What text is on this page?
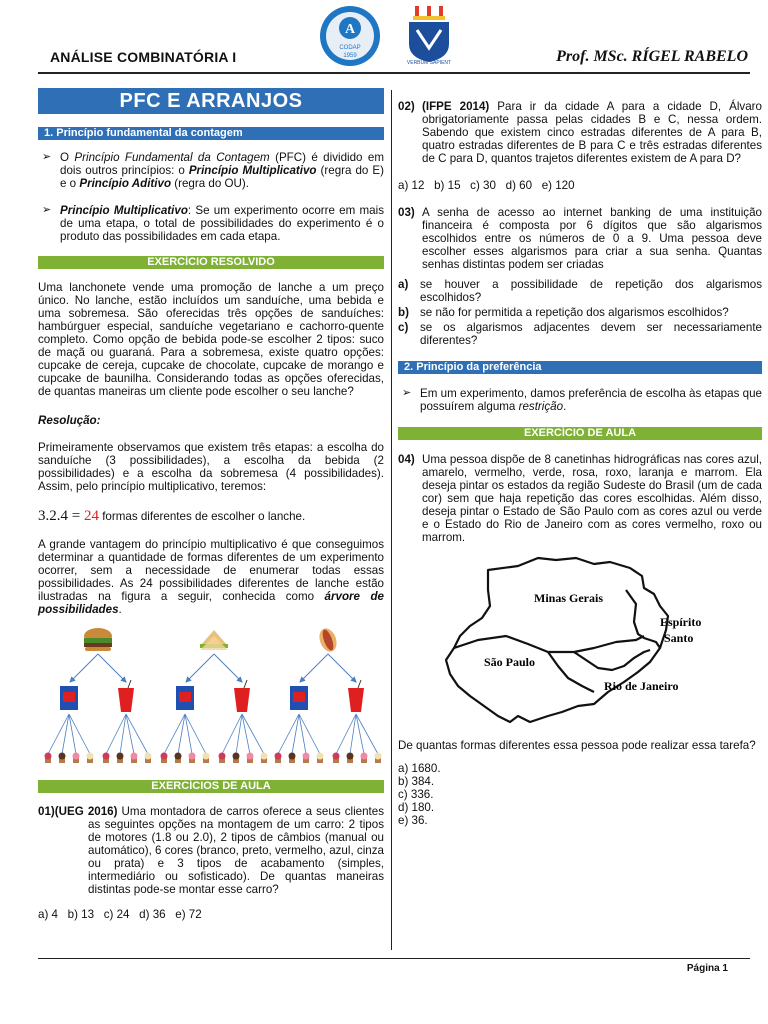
A
CODAP
1959
VERBUM SAPIENT
ANÁLISE COMBINATÓRIA I	Prof. MSc. RÍGEL RABELO
PFC E ARRANJOS
1. Princípio fundamental da contagem

➢ O Princípio Fundamental da Contagem (PFC) é dividido em dois outros princípios: o Princípio Multiplicativo (regra do E) e o Princípio Aditivo (regra do OU).

➢ Princípio Multiplicativo: Se um experimento ocorre em mais de uma etapa, o total de possibilidades do experimento é o produto das possibilidades em cada etapa.

EXERCÍCIO RESOLVIDO

Uma lanchonete vende uma promoção de lanche a um preço único. No lanche, estão incluídos um sanduíche, uma bebida e uma sobremesa. São oferecidas três opções de sanduíches: hambúrguer especial, sanduíche vegetariano e cachorro-quente completo. Como opção de bebida pode-se escolher 2 tipos: suco de maçã ou guaraná. Para a sobremesa, existe quatro opções: cupcake de cereja, cupcake de chocolate, cupcake de morango e cupcake de baunilha. Considerando todas as opções oferecidas, de quantas maneiras um cliente pode escolher o seu lanche?

Resolução:

Primeiramente observamos que existem três etapas: a escolha do sanduíche (3 possibilidades), a escolha da bebida (2 possibilidades) e a escolha da sobremesa (4 possibilidades). Assim, pelo princípio multiplicativo, teremos:

3.2.4 = 24 formas diferentes de escolher o lanche.

A grande vantagem do princípio multiplicativo é que conseguimos determinar a quantidade de formas diferentes de um experimento ocorrer, sem a necessidade de enumerar todas essas possibilidades. As 24 possibilidades diferentes de lanche estão ilustradas na figura a seguir, conhecida como árvore de possibilidades.

EXERCÍCIOS DE AULA

01)(UEG 2016) Uma montadora de carros oferece a seus clientes as seguintes opções na montagem de um carro: 2 tipos de motores (1.8 ou 2.0), 2 tipos de câmbios (manual ou automático), 6 cores (branco, preto, vermelho, azul, cinza ou prata) e 3 tipos de acabamento (simples, intermediário ou sofisticado). De quantas maneiras distintas pode-se montar esse carro?

a) 4   b) 13   c) 24   d) 36   e) 72

02) (IFPE 2014) Para ir da cidade A para a cidade D, Álvaro obrigatoriamente passa pelas cidades B e C, nessa ordem. Sabendo que existem cinco estradas diferentes de A para B, quatro estradas diferentes de B para C e três estradas diferentes de C para D, quantos trajetos diferentes existem de A para D?

a) 12   b) 15   c) 30   d) 60   e) 120

03) A senha de acesso ao internet banking de uma instituição financeira é composta por 6 dígitos que são algarismos escolhidos entre os números de 0 a 9. Uma pessoa deve escolher esses algarismos para criar a sua senha. Quantas senhas distintas podem ser criadas

a) se houver a possibilidade de repetição dos algarismos escolhidos?

b) se não for permitida a repetição dos algarismos escolhidos?

c) se os algarismos adjacentes devem ser necessariamente diferentes?

2. Princípio da preferência

➢ Em um experimento, damos preferência de escolha às etapas que possuírem alguma restrição.

EXERCÍCIO DE AULA

04) Uma pessoa dispõe de 8 canetinhas hidrográficas nas cores azul, amarelo, vermelho, verde, rosa, roxo, laranja e marrom. Ela deseja pintar os estados da região Sudeste do Brasil (um de cada cor) sem que haja repetição das cores escolhidas. Além disso, deseja pintar o Estado de São Paulo com as cores azul ou verde e o Estado do Rio de Janeiro com as cores vermelho, roxo ou marrom.

Minas Gerais
Espírito
Santo
São Paulo
Rio de Janeiro

De quantas formas diferentes essa pessoa pode realizar essa tarefa?

a) 1680.

b) 384.

c) 336.

d) 180.

e) 36.

Página 1
